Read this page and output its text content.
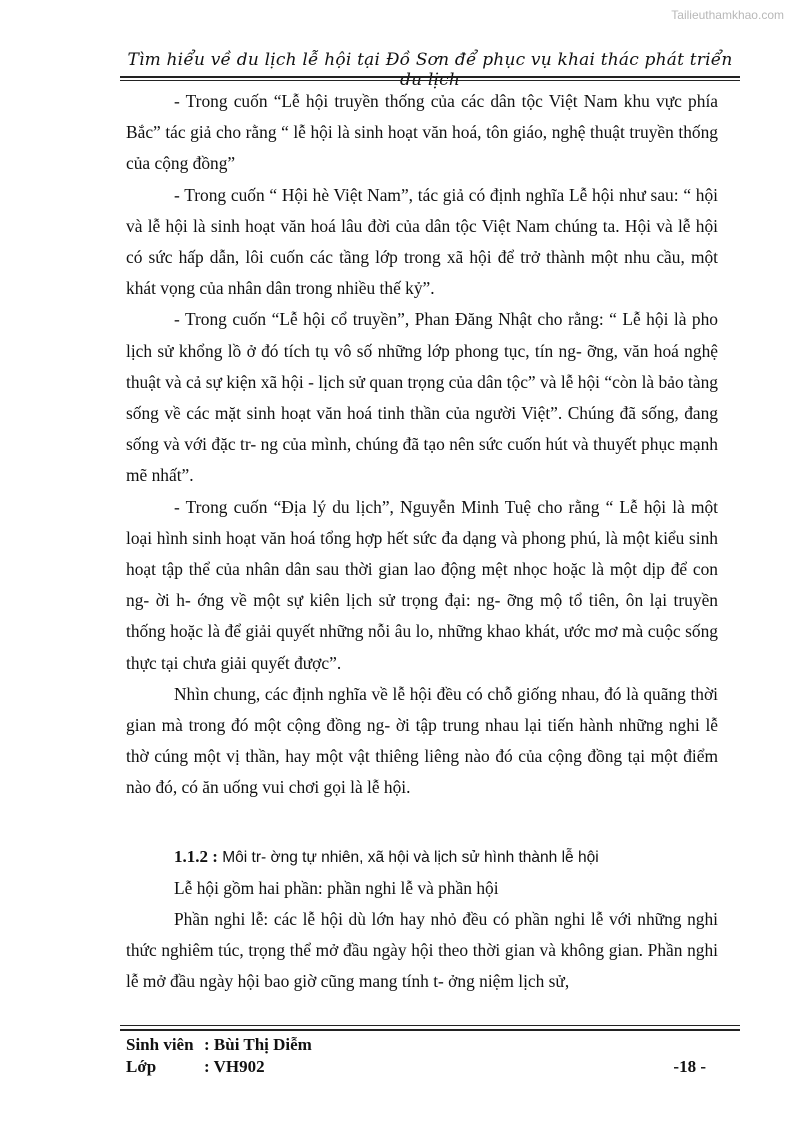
Tailieuthamkhao.com
Tìm hiểu về du lịch lễ hội tại Đồ Sơn để phục vụ khai thác phát triển du lịch

- Trong cuốn “Lễ hội truyền thống của các dân tộc Việt Nam khu vực phía Bắc” tác giả cho rằng “ lễ hội là sinh hoạt văn hoá, tôn giáo, nghệ thuật truyền thống của cộng đồng”

- Trong cuốn “ Hội hè Việt Nam”, tác giả có định nghĩa Lễ hội như sau: “ hội và lễ hội là sinh hoạt văn hoá lâu đời của dân tộc Việt Nam chúng ta. Hội và lễ hội có sức hấp dẫn, lôi cuốn các tầng lớp trong xã hội để trở thành một nhu cầu, một khát vọng của nhân dân trong nhiều thế kỷ”.

- Trong cuốn “Lễ hội cổ truyền”, Phan Đăng Nhật cho rằng: “ Lễ hội là pho lịch sử khổng lồ ở đó tích tụ vô số những lớp phong tục, tín ng- ỡng, văn hoá nghệ thuật và cả sự kiện xã hội - lịch sử quan trọng của dân tộc” và lễ hội “còn là bảo tàng sống về các mặt sinh hoạt văn hoá tinh thần của người Việt”. Chúng đã sống, đang sống và với đặc tr- ng của mình, chúng đã tạo nên sức cuốn hút và thuyết phục mạnh mẽ nhất”.

- Trong cuốn “Địa lý du lịch”, Nguyễn Minh Tuệ cho rằng “ Lễ hội là một loại hình sinh hoạt văn hoá tổng hợp hết sức đa dạng và phong phú, là một kiểu sinh hoạt tập thể của nhân dân sau thời gian lao động mệt nhọc hoặc là một dịp để con ng- ời h- ớng về một sự kiên lịch sử trọng đại: ng- ỡng mộ tổ tiên, ôn lại truyền thống hoặc là để giải quyết những nỗi âu lo, những khao khát, ước mơ mà cuộc sống thực tại chưa giải quyết được”.

Nhìn chung, các định nghĩa về lễ hội đều có chỗ giống nhau, đó là quãng thời gian mà trong đó một cộng đồng ng- ời tập trung nhau lại tiến hành những nghi lễ thờ cúng một vị thần, hay một vật thiêng liêng nào đó của cộng đồng tại một điểm nào đó, có ăn uống vui chơi gọi là lễ hội.

1.1.2 : Môi tr- ờng tự nhiên, xã hội và lịch sử hình thành lễ hội

Lễ hội gồm hai phần: phần nghi lễ và phần hội

Phần nghi lễ: các lễ hội dù lớn hay nhỏ đều có phần nghi lễ với những nghi thức nghiêm túc, trọng thể mở đầu ngày hội theo thời gian và không gian. Phần nghi lễ mở đầu ngày hội bao giờ cũng mang tính t- ởng niệm lịch sử,

Sinh viên : Bùi Thị Diễm
Lớp	: VH902	-18 -
